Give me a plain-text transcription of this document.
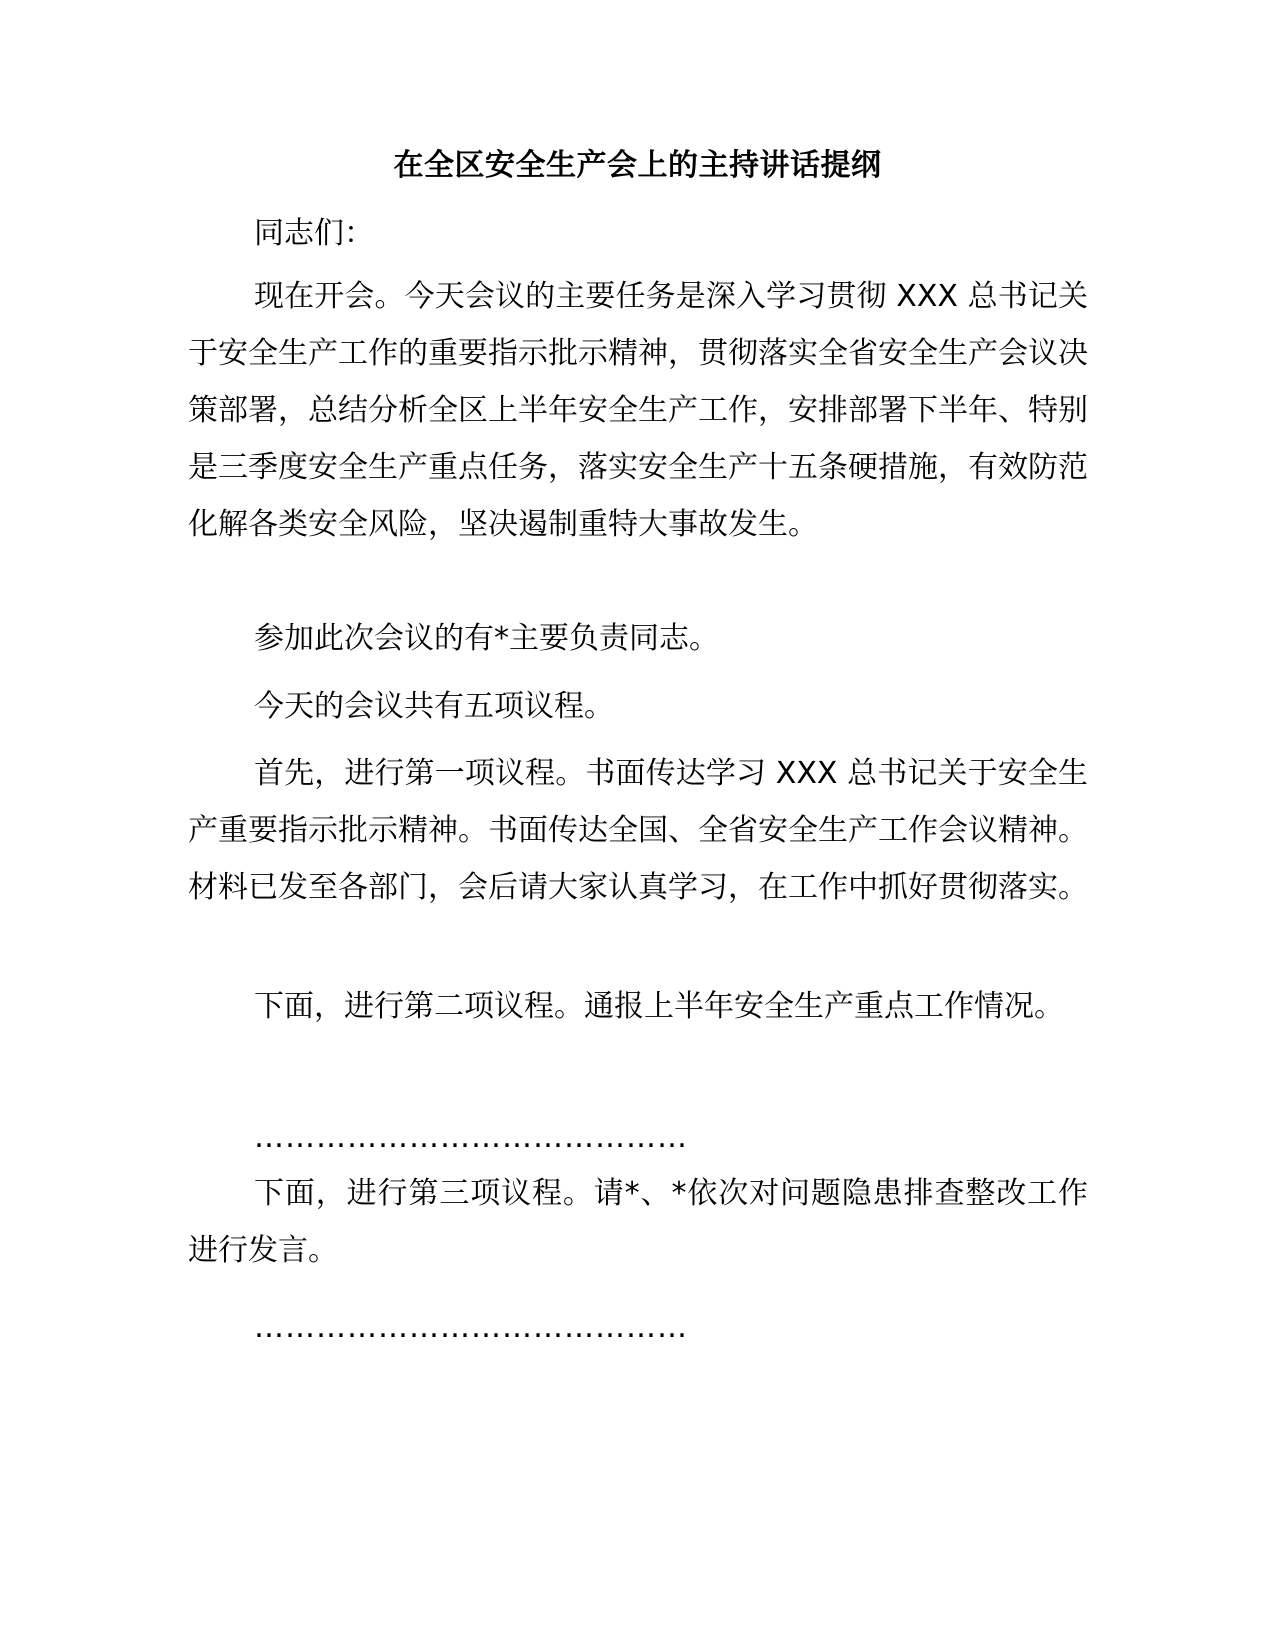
在全区安全生产会上的主持讲话提纲

同志们：

现在开会。今天会议的主要任务是深入学习贯彻 XXX 总书记关于安全生产工作的重要指示批示精神，贯彻落实全省安全生产会议决策部署，总结分析全区上半年安全生产工作，安排部署下半年、特别是三季度安全生产重点任务，落实安全生产十五条硬措施，有效防范化解各类安全风险，坚决遏制重特大事故发生。

参加此次会议的有*主要负责同志。

今天的会议共有五项议程。

首先，进行第一项议程。书面传达学习 XXX 总书记关于安全生产重要指示批示精神。书面传达全国、全省安全生产工作会议精神。材料已发至各部门，会后请大家认真学习，在工作中抓好贯彻落实。

下面，进行第二项议程。通报上半年安全生产重点工作情况。

……………………………………

下面，进行第三项议程。请*、*依次对问题隐患排查整改工作进行发言。

……………………………………
